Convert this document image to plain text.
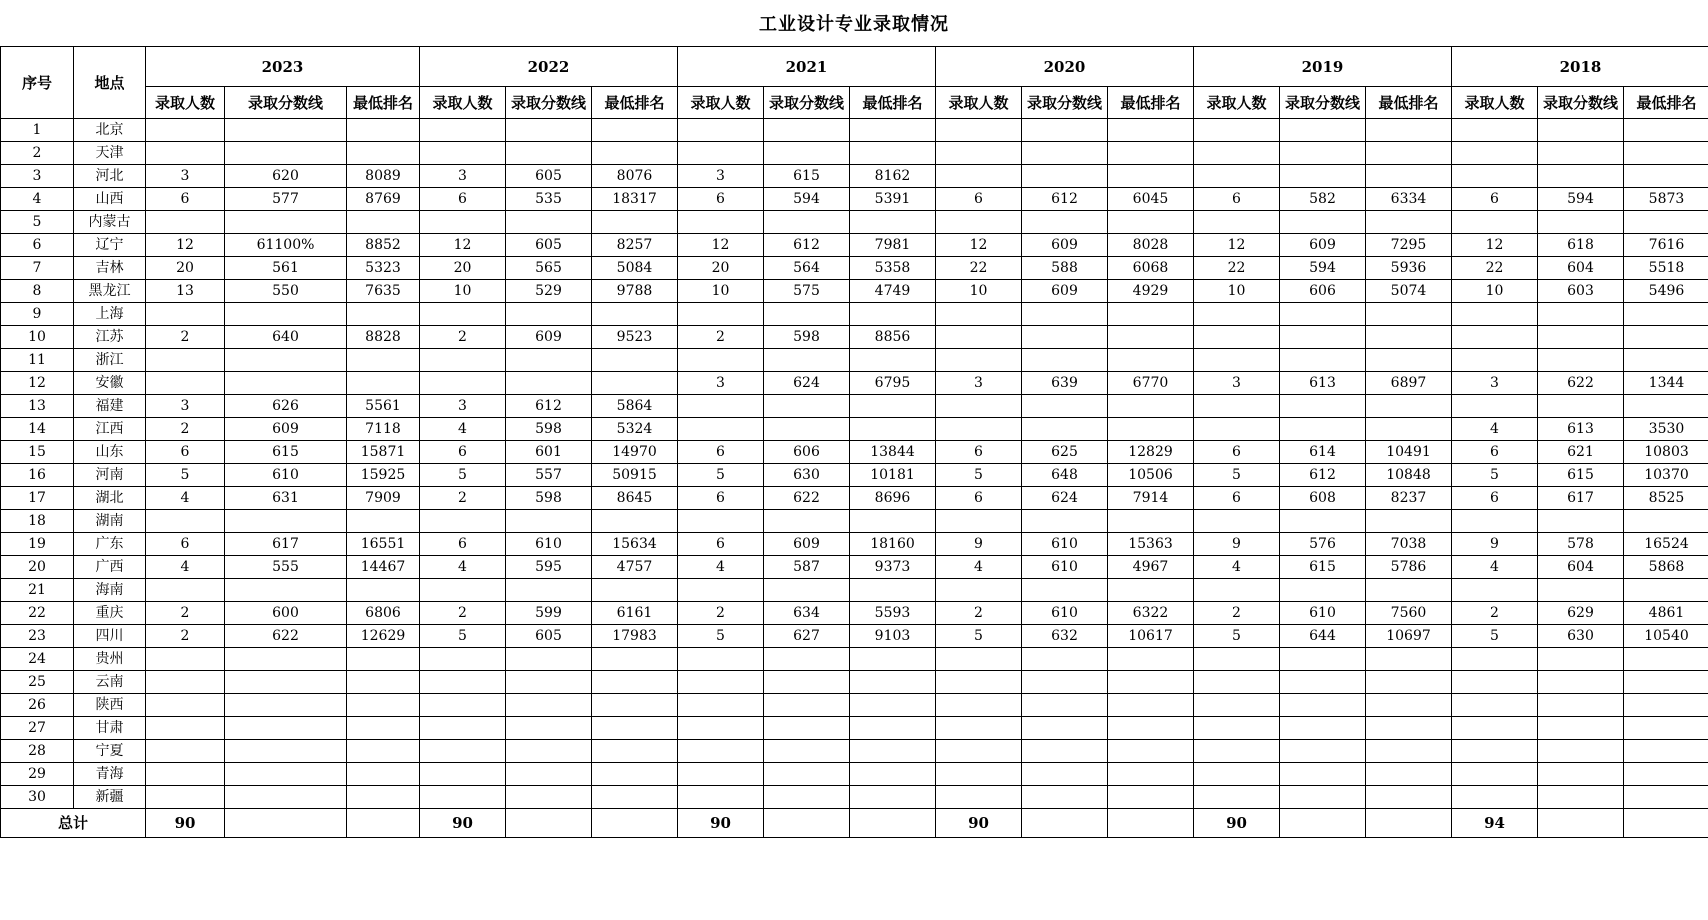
工业设计专业录取情况
序号	地点	2023			2022			2021			2020			2019			2018		
		录取人数	录取分数线	最低排名	录取人数	录取分数线	最低排名	录取人数	录取分数线	最低排名	录取人数	录取分数线	最低排名	录取人数	录取分数线	最低排名	录取人数	录取分数线	最低排名
1	北京																		
2	天津																		
3	河北	3	620	8089	3	605	8076	3	615	8162									
4	山西	6	577	8769	6	535	18317	6	594	5391	6	612	6045	6	582	6334	6	594	5873
5	内蒙古																		
6	辽宁	12	61100%	8852	12	605	8257	12	612	7981	12	609	8028	12	609	7295	12	618	7616
7	吉林	20	561	5323	20	565	5084	20	564	5358	22	588	6068	22	594	5936	22	604	5518
8	黑龙江	13	550	7635	10	529	9788	10	575	4749	10	609	4929	10	606	5074	10	603	5496
9	上海																		
10	江苏	2	640	8828	2	609	9523	2	598	8856									
11	浙江																		
12	安徽							3	624	6795	3	639	6770	3	613	6897	3	622	1344
13	福建	3	626	5561	3	612	5864												
14	江西	2	609	7118	4	598	5324										4	613	3530
15	山东	6	615	15871	6	601	14970	6	606	13844	6	625	12829	6	614	10491	6	621	10803
16	河南	5	610	15925	5	557	50915	5	630	10181	5	648	10506	5	612	10848	5	615	10370
17	湖北	4	631	7909	2	598	8645	6	622	8696	6	624	7914	6	608	8237	6	617	8525
18	湖南																		
19	广东	6	617	16551	6	610	15634	6	609	18160	9	610	15363	9	576	7038	9	578	16524
20	广西	4	555	14467	4	595	4757	4	587	9373	4	610	4967	4	615	5786	4	604	5868
21	海南																		
22	重庆	2	600	6806	2	599	6161	2	634	5593	2	610	6322	2	610	7560	2	629	4861
23	四川	2	622	12629	5	605	17983	5	627	9103	5	632	10617	5	644	10697	5	630	10540
24	贵州																		
25	云南																		
26	陕西																		
27	甘肃																		
28	宁夏																		
29	青海																		
30	新疆																		
总计		90			90			90			90			90			94		
